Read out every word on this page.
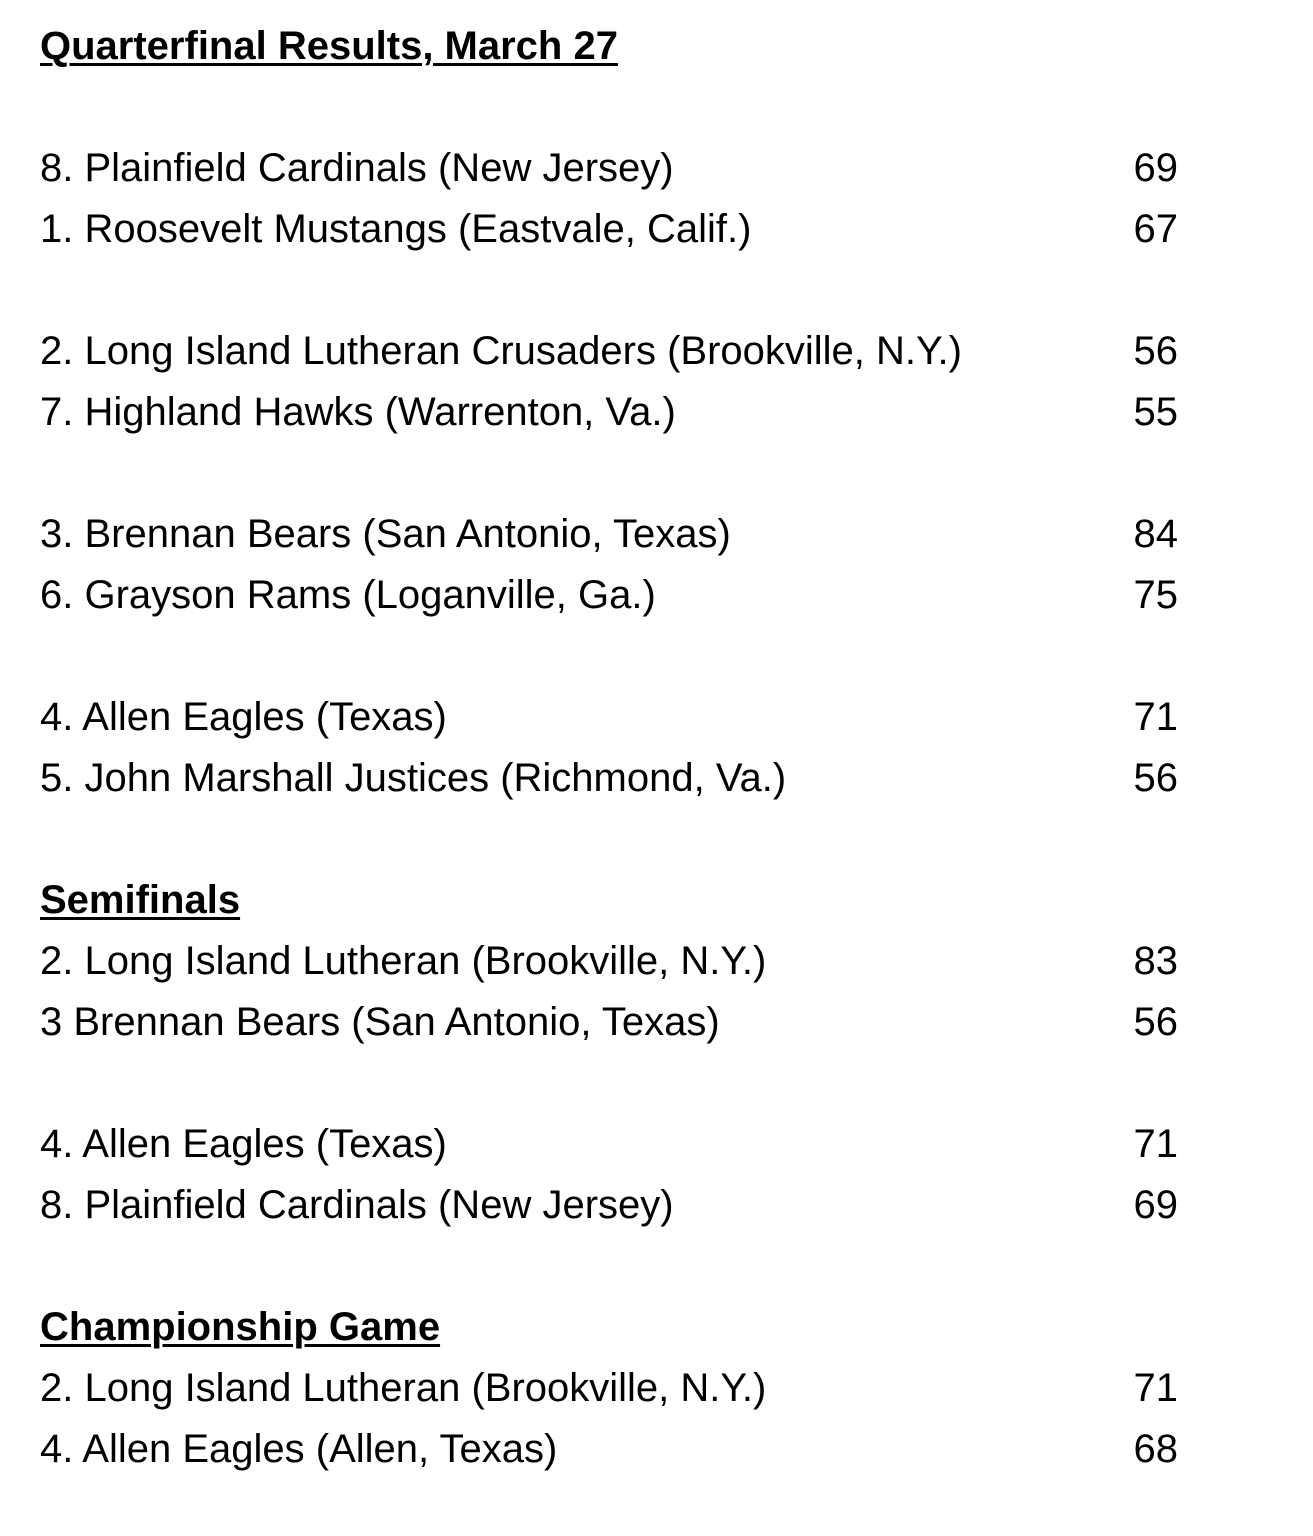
Quarterfinal Results, March 27
8. Plainfield Cardinals (New Jersey)	69
1. Roosevelt Mustangs (Eastvale, Calif.)	67
2. Long Island Lutheran Crusaders (Brookville, N.Y.)	56
7. Highland Hawks (Warrenton, Va.)	55
3. Brennan Bears (San Antonio, Texas)	84
6. Grayson Rams (Loganville, Ga.)	75
4. Allen Eagles (Texas)	71
5. John Marshall Justices (Richmond, Va.)	56
Semifinals
2. Long Island Lutheran (Brookville, N.Y.)	83
3 Brennan Bears (San Antonio, Texas)	56
4. Allen Eagles (Texas)	71
8. Plainfield Cardinals (New Jersey)	69
Championship Game
2. Long Island Lutheran (Brookville, N.Y.)	71
4. Allen Eagles (Allen, Texas)	68
